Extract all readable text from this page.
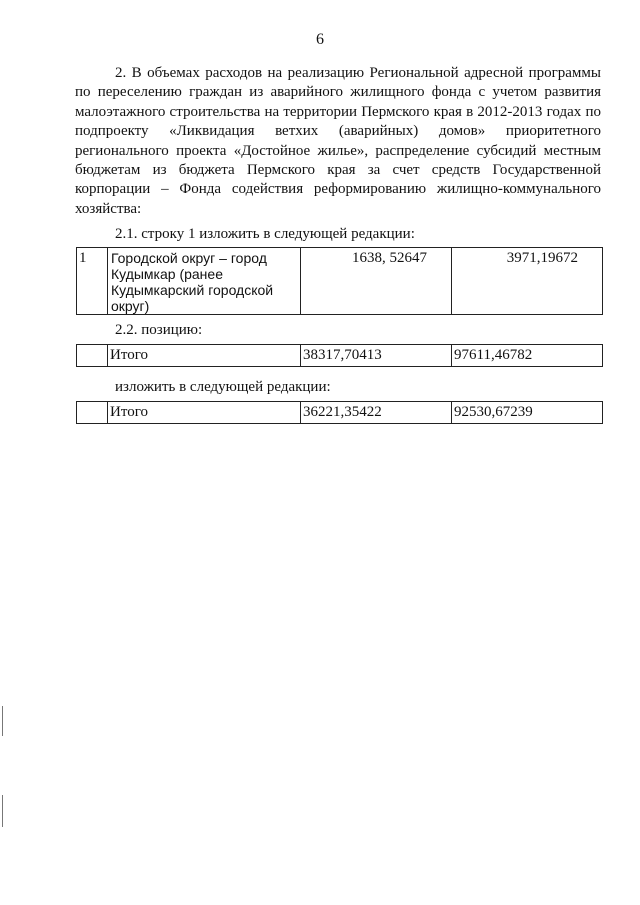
6

2. В объемах расходов на реализацию Региональной адресной программы по переселению граждан из аварийного жилищного фонда с учетом развития малоэтажного строительства на территории Пермского края в 2012-2013 годах по подпроекту «Ликвидация ветхих (аварийных) домов» приоритетного регионального проекта «Достойное жилье», распределение субсидий местным бюджетам из бюджета Пермского края за счет средств Государственной корпорации – Фонда содействия реформированию жилищно-коммунального хозяйства:

2.1. строку 1 изложить в следующей редакции:
1	Городской округ – город Кудымкар (ранее Кудымкарский городской округ)	1638, 52647	3971,19672
2.2. позицию:
	Итого	38317,70413	97611,46782
изложить в следующей редакции:
	Итого	36221,35422	92530,67239
